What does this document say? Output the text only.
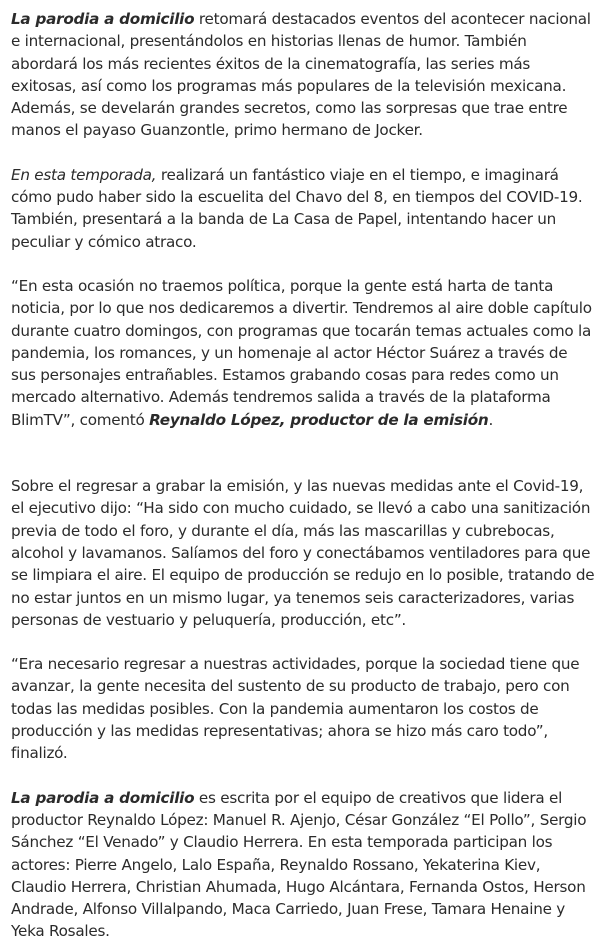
La parodia a domicilio retomará destacados eventos del acontecer nacional e internacional, presentándolos en historias llenas de humor. También abordará los más recientes éxitos de la cinematografía, las series más exitosas, así como los programas más populares de la televisión mexicana. Además, se develarán grandes secretos, como las sorpresas que trae entre manos el payaso Guanzontle, primo hermano de Jocker.

En esta temporada, realizará un fantástico viaje en el tiempo, e imaginará cómo pudo haber sido la escuelita del Chavo del 8, en tiempos del COVID-19. También, presentará a la banda de La Casa de Papel, intentando hacer un peculiar y cómico atraco.

“En esta ocasión no traemos política, porque la gente está harta de tanta noticia, por lo que nos dedicaremos a divertir. Tendremos al aire doble capítulo durante cuatro domingos, con programas que tocarán temas actuales como la pandemia, los romances, y un homenaje al actor Héctor Suárez a través de sus personajes entrañables. Estamos grabando cosas para redes como un mercado alternativo. Además tendremos salida a través de la plataforma BlimTV”, comentó Reynaldo López, productor de la emisión.

Sobre el regresar a grabar la emisión, y las nuevas medidas ante el Covid-19, el ejecutivo dijo: “Ha sido con mucho cuidado, se llevó a cabo una sanitización previa de todo el foro, y durante el día, más las mascarillas y cubrebocas, alcohol y lavamanos. Salíamos del foro y conectábamos ventiladores para que se limpiara el aire. El equipo de producción se redujo en lo posible, tratando de no estar juntos en un mismo lugar, ya tenemos seis caracterizadores, varias personas de vestuario y peluquería, producción, etc”.

“Era necesario regresar a nuestras actividades, porque la sociedad tiene que avanzar, la gente necesita del sustento de su producto de trabajo, pero con todas las medidas posibles. Con la pandemia aumentaron los costos de producción y las medidas representativas; ahora se hizo más caro todo”, finalizó.

La parodia a domicilio es escrita por el equipo de creativos que lidera el productor Reynaldo López: Manuel R. Ajenjo, César González “El Pollo”, Sergio Sánchez “El Venado” y Claudio Herrera. En esta temporada participan los actores: Pierre Angelo, Lalo España, Reynaldo Rossano, Yekaterina Kiev, Claudio Herrera, Christian Ahumada, Hugo Alcántara, Fernanda Ostos, Herson Andrade, Alfonso Villalpando, Maca Carriedo, Juan Frese, Tamara Henaine y Yeka Rosales.
